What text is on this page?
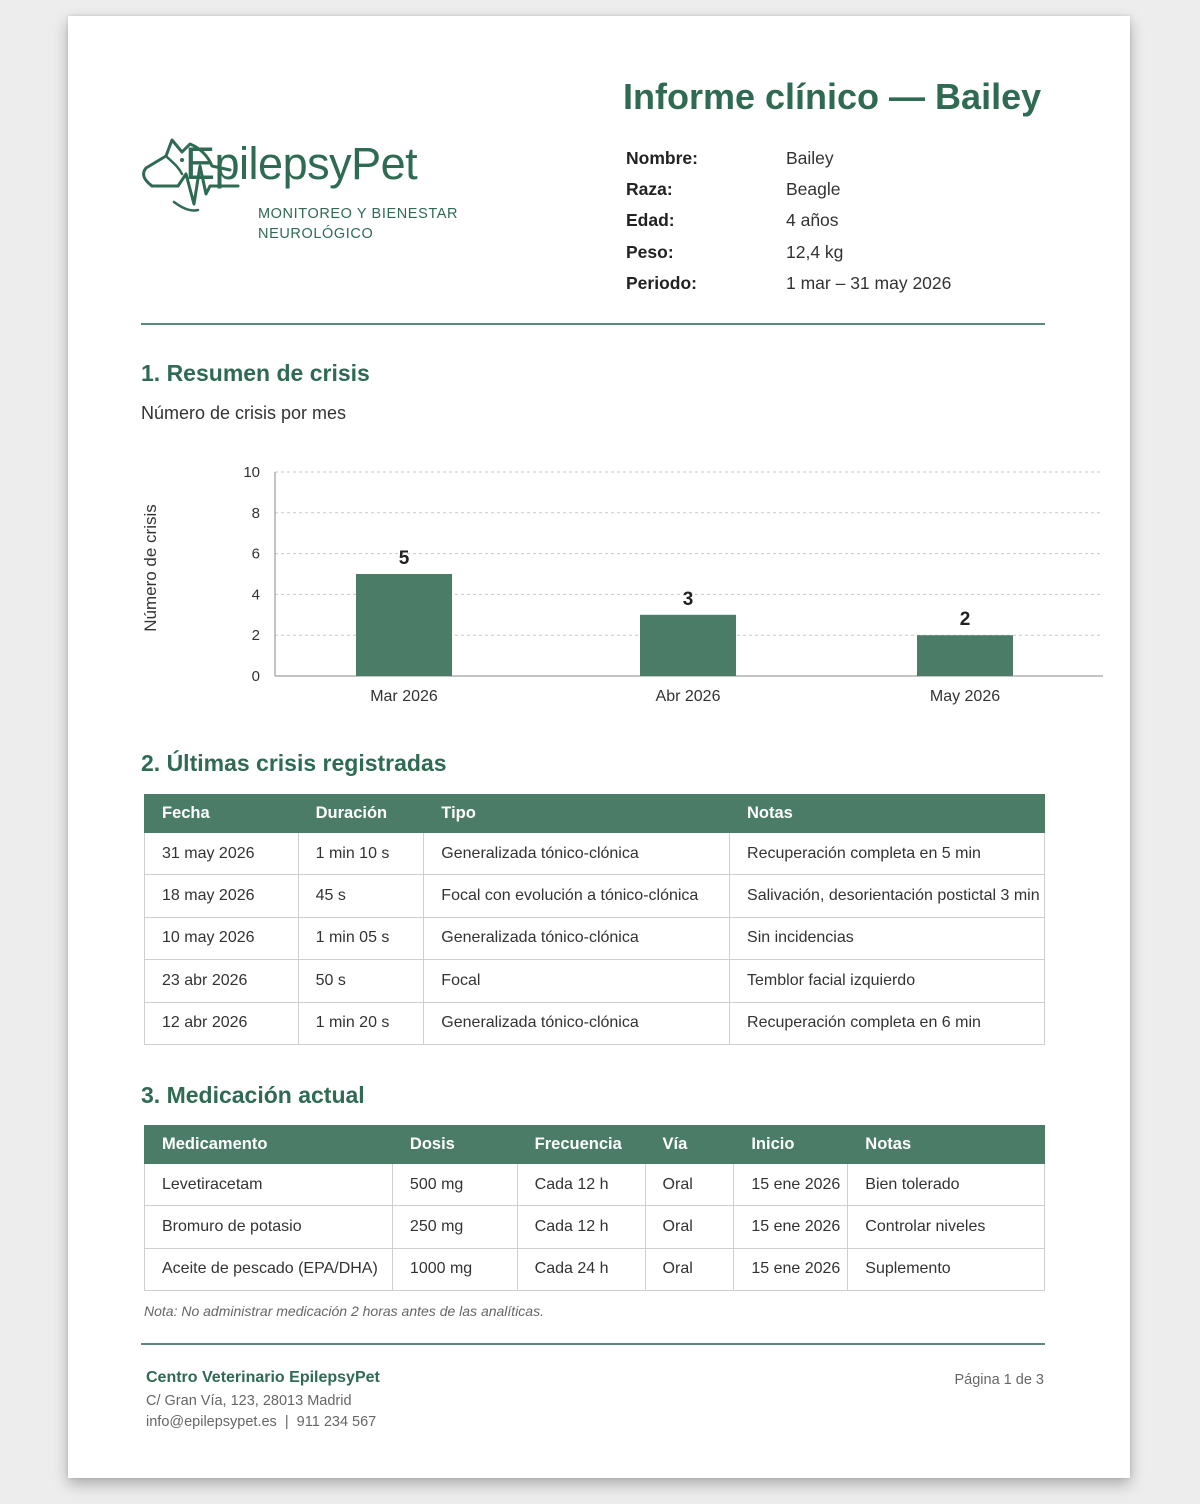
EpilepsyPet
MONITOREO Y BIENESTAR
NEUROLÓGICO
Informe clínico — Bailey
Nombre:	Bailey
Raza:	Beagle
Edad:	4 años
Peso:	12,4 kg
Periodo:	1 mar – 31 may 2026
1. Resumen de crisis
Número de crisis por mes
0
2
4
6
8
10
5
Mar 2026
3
Abr 2026
2
May 2026
Número de crisis
2. Últimas crisis registradas
Fecha	Duración	Tipo	Notas
31 may 2026	1 min 10 s	Generalizada tónico-clónica	Recuperación completa en 5 min
18 may 2026	45 s	Focal con evolución a tónico-clónica	Salivación, desorientación postictal 3 min
10 may 2026	1 min 05 s	Generalizada tónico-clónica	Sin incidencias
23 abr 2026	50 s	Focal	Temblor facial izquierdo
12 abr 2026	1 min 20 s	Generalizada tónico-clónica	Recuperación completa en 6 min
3. Medicación actual
Medicamento	Dosis	Frecuencia	Vía	Inicio	Notas
Levetiracetam	500 mg	Cada 12 h	Oral	15 ene 2026	Bien tolerado
Bromuro de potasio	250 mg	Cada 12 h	Oral	15 ene 2026	Controlar niveles
Aceite de pescado (EPA/DHA)	1000 mg	Cada 24 h	Oral	15 ene 2026	Suplemento
Nota: No administrar medicación 2 horas antes de las analíticas.
Centro Veterinario EpilepsyPet
C/ Gran Vía, 123, 28013 Madrid
info@epilepsypet.es  |  911 234 567
Página 1 de 3
